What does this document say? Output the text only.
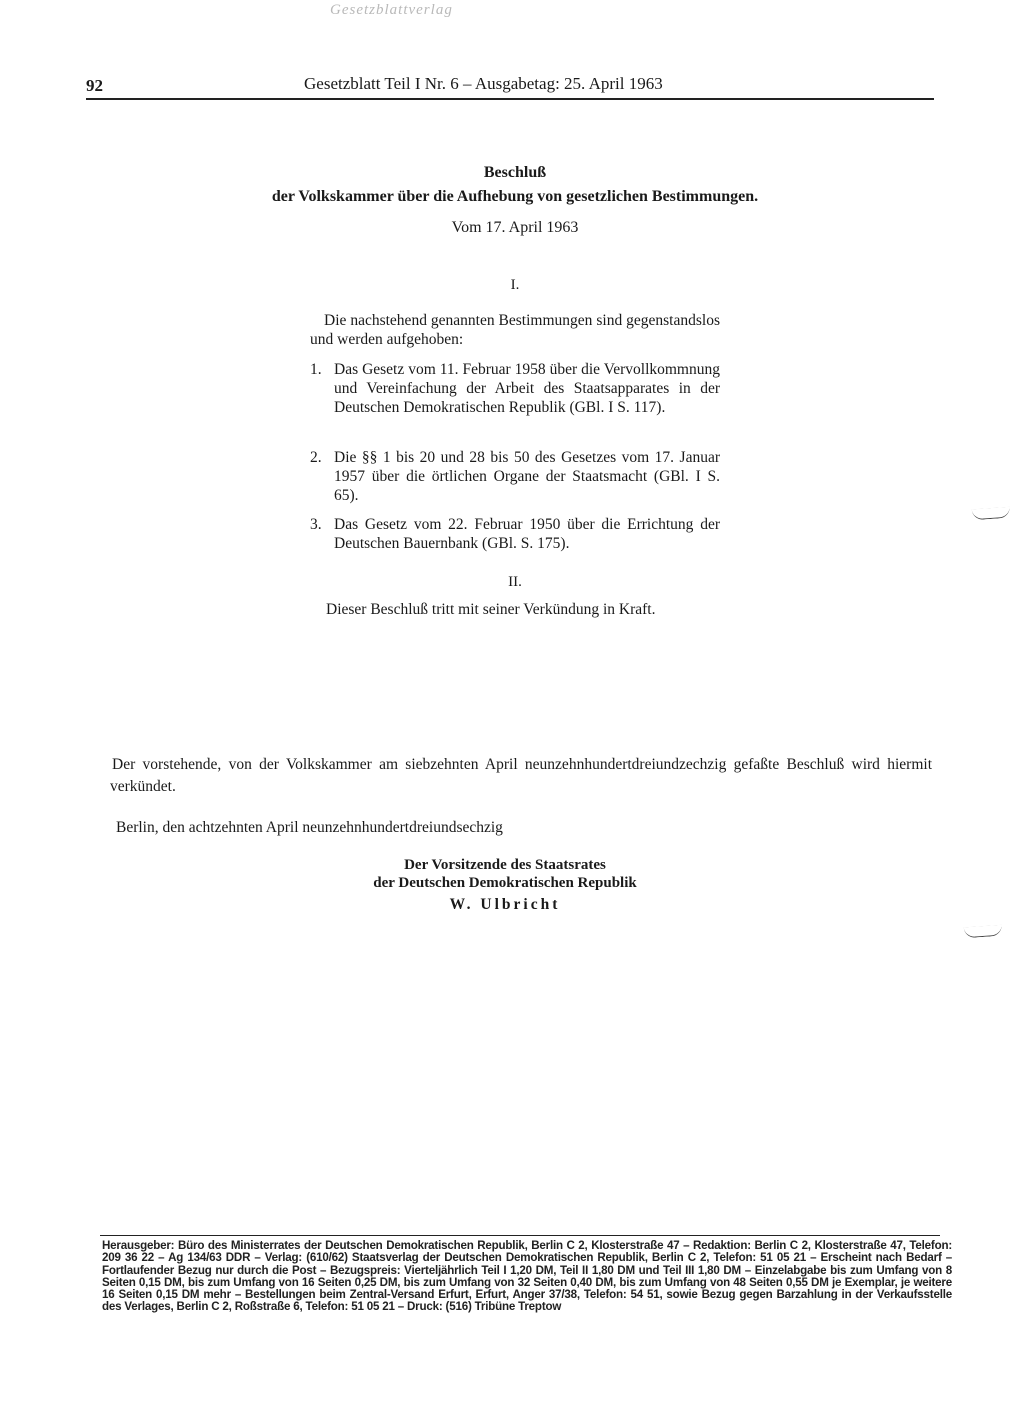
Gesetzblattverlag
92	Gesetzblatt Teil I Nr. 6 – Ausgabetag: 25. April 1963
Beschluß
der Volkskammer über die Aufhebung von gesetzlichen Bestimmungen.
Vom 17. April 1963
I.
Die nachstehend genannten Bestimmungen sind gegenstandslos und werden aufgehoben:
1. Das Gesetz vom 11. Februar 1958 über die Vervollkommnung und Vereinfachung der Arbeit des Staatsapparates in der Deutschen Demokratischen Republik (GBl. I S. 117).
2. Die §§ 1 bis 20 und 28 bis 50 des Gesetzes vom 17. Januar 1957 über die örtlichen Organe der Staatsmacht (GBl. I S. 65).
3. Das Gesetz vom 22. Februar 1950 über die Errichtung der Deutschen Bauernbank (GBl. S. 175).
II.
Dieser Beschluß tritt mit seiner Verkündung in Kraft.
Der vorstehende, von der Volkskammer am siebzehnten April neunzehnhundertdreiundzechzig gefaßte Beschluß wird hiermit verkündet.
Berlin, den achtzehnten April neunzehnhundertdreiundsechzig
Der Vorsitzende des Staatsrates
der Deutschen Demokratischen Republik
W. Ulbricht
Herausgeber: Büro des Ministerrates der Deutschen Demokratischen Republik, Berlin C 2, Klosterstraße 47 – Redaktion: Berlin C 2, Klosterstraße 47, Telefon: 209 36 22 – Ag 134/63 DDR – Verlag: (610/62) Staatsverlag der Deutschen Demokratischen Republik, Berlin C 2, Telefon: 51 05 21 – Erscheint nach Bedarf – Fortlaufender Bezug nur durch die Post – Bezugspreis: Vierteljährlich Teil I 1,20 DM, Teil II 1,80 DM und Teil III 1,80 DM – Einzelabgabe bis zum Umfang von 8 Seiten 0,15 DM, bis zum Umfang von 16 Seiten 0,25 DM, bis zum Umfang von 32 Seiten 0,40 DM, bis zum Umfang von 48 Seiten 0,55 DM je Exemplar, je weitere 16 Seiten 0,15 DM mehr – Bestellungen beim Zentral-Versand Erfurt, Erfurt, Anger 37/38, Telefon: 54 51, sowie Bezug gegen Barzahlung in der Verkaufsstelle des Verlages, Berlin C 2, Roßstraße 6, Telefon: 51 05 21 – Druck: (516) Tribüne Treptow
